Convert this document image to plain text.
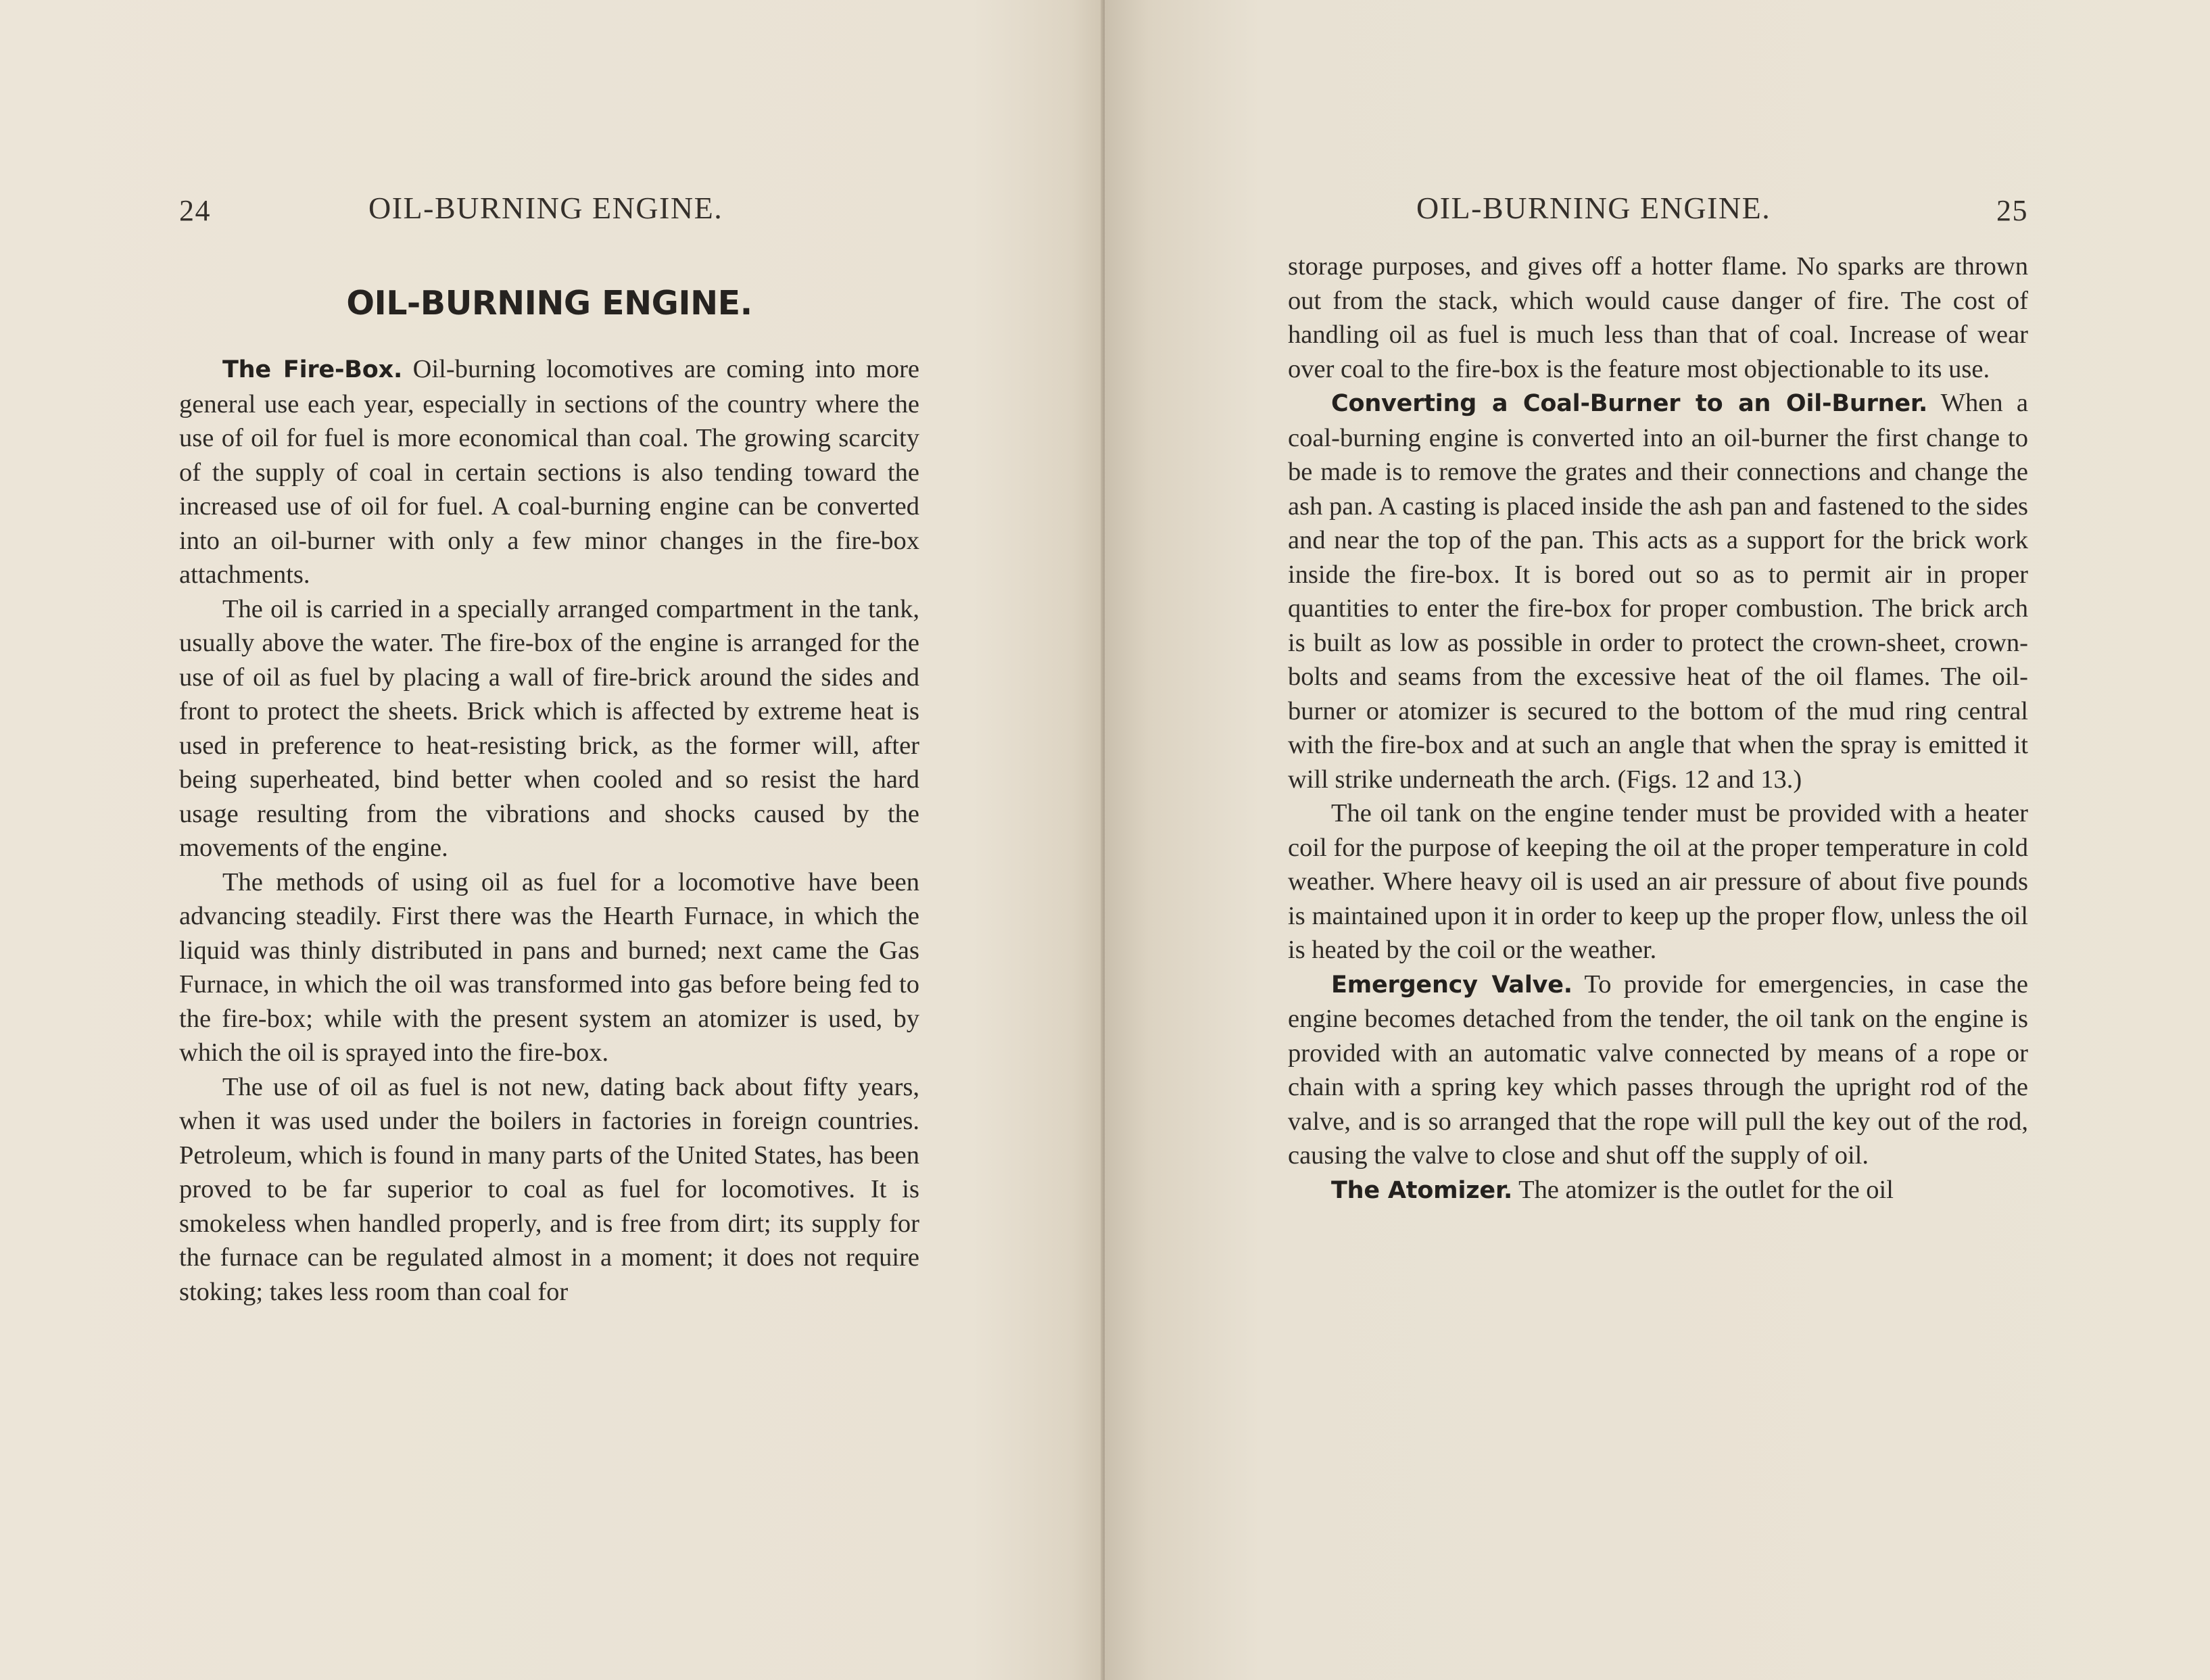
24	OIL-BURNING ENGINE.
OIL-BURNING ENGINE.

The Fire-Box. Oil-burning locomotives are coming into more general use each year, especially in sections of the country where the use of oil for fuel is more economical than coal. The growing scarcity of the supply of coal in certain sections is also tending toward the increased use of oil for fuel. A coal-burning engine can be converted into an oil-burner with only a few minor changes in the fire-box attachments.

The oil is carried in a specially arranged compartment in the tank, usually above the water. The fire-box of the engine is arranged for the use of oil as fuel by placing a wall of fire-brick around the sides and front to protect the sheets. Brick which is affected by extreme heat is used in preference to heat-resisting brick, as the former will, after being superheated, bind better when cooled and so resist the hard usage resulting from the vibrations and shocks caused by the movements of the engine.

The methods of using oil as fuel for a locomotive have been advancing steadily. First there was the Hearth Furnace, in which the liquid was thinly distributed in pans and burned; next came the Gas Furnace, in which the oil was transformed into gas before being fed to the fire-box; while with the present system an atomizer is used, by which the oil is sprayed into the fire-box.

The use of oil as fuel is not new, dating back about fifty years, when it was used under the boilers in factories in foreign countries. Petroleum, which is found in many parts of the United States, has been proved to be far superior to coal as fuel for locomotives. It is smokeless when handled properly, and is free from dirt; its supply for the furnace can be regulated almost in a moment; it does not require stoking; takes less room than coal for

OIL-BURNING ENGINE.	25

storage purposes, and gives off a hotter flame. No sparks are thrown out from the stack, which would cause danger of fire. The cost of handling oil as fuel is much less than that of coal. Increase of wear over coal to the fire-box is the feature most objectionable to its use.

Converting a Coal-Burner to an Oil-Burner. When a coal-burning engine is converted into an oil-burner the first change to be made is to remove the grates and their connections and change the ash pan. A casting is placed inside the ash pan and fastened to the sides and near the top of the pan. This acts as a support for the brick work inside the fire-box. It is bored out so as to permit air in proper quantities to enter the fire-box for proper combustion. The brick arch is built as low as possible in order to protect the crown-sheet, crown-bolts and seams from the excessive heat of the oil flames. The oil-burner or atomizer is secured to the bottom of the mud ring central with the fire-box and at such an angle that when the spray is emitted it will strike underneath the arch. (Figs. 12 and 13.)

The oil tank on the engine tender must be provided with a heater coil for the purpose of keeping the oil at the proper temperature in cold weather. Where heavy oil is used an air pressure of about five pounds is maintained upon it in order to keep up the proper flow, unless the oil is heated by the coil or the weather.

Emergency Valve. To provide for emergencies, in case the engine becomes detached from the tender, the oil tank on the engine is provided with an automatic valve connected by means of a rope or chain with a spring key which passes through the upright rod of the valve, and is so arranged that the rope will pull the key out of the rod, causing the valve to close and shut off the supply of oil.

The Atomizer. The atomizer is the outlet for the oil
